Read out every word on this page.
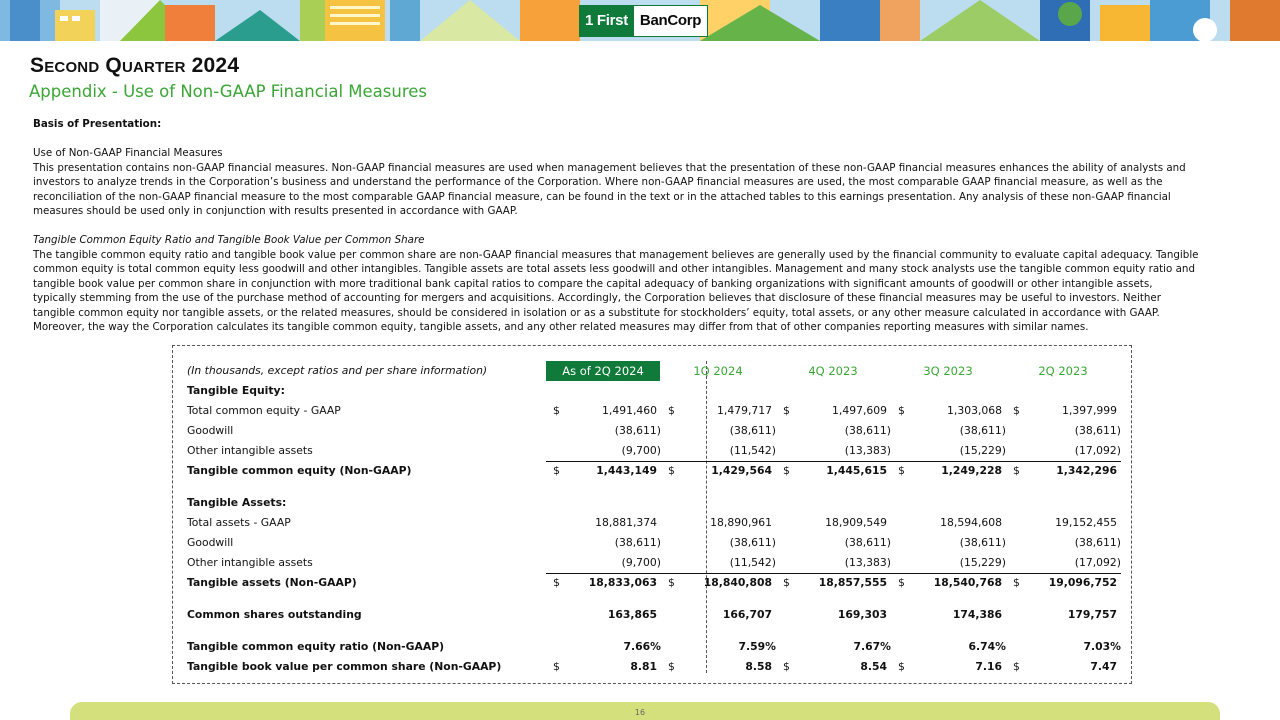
1 First BanCorp
Second Quarter 2024
Appendix - Use of Non-GAAP Financial Measures

Basis of Presentation:

Use of Non-GAAP Financial Measures

This presentation contains non-GAAP financial measures. Non-GAAP financial measures are used when management believes that the presentation of these non-GAAP financial measures enhances the ability of analysts and
investors to analyze trends in the Corporation’s business and understand the performance of the Corporation. Where non-GAAP financial measures are used, the most comparable GAAP financial measure, as well as the
reconciliation of the non-GAAP financial measure to the most comparable GAAP financial measure, can be found in the text or in the attached tables to this earnings presentation. Any analysis of these non-GAAP financial
measures should be used only in conjunction with results presented in accordance with GAAP.

Tangible Common Equity Ratio and Tangible Book Value per Common Share

The tangible common equity ratio and tangible book value per common share are non-GAAP financial measures that management believes are generally used by the financial community to evaluate capital adequacy. Tangible
common equity is total common equity less goodwill and other intangibles. Tangible assets are total assets less goodwill and other intangibles. Management and many stock analysts use the tangible common equity ratio and
tangible book value per common share in conjunction with more traditional bank capital ratios to compare the capital adequacy of banking organizations with significant amounts of goodwill or other intangible assets,
typically stemming from the use of the purchase method of accounting for mergers and acquisitions. Accordingly, the Corporation believes that disclosure of these financial measures may be useful to investors. Neither
tangible common equity nor tangible assets, or the related measures, should be considered in isolation or as a substitute for stockholders’ equity, total assets, or any other measure calculated in accordance with GAAP.
Moreover, the way the Corporation calculates its tangible common equity, tangible assets, and any other related measures may differ from that of other companies reporting measures with similar names.

(In thousands, except ratios and per share information)	As of 2Q 2024	1Q 2024	4Q 2023	3Q 2023	2Q 2023
Tangible Equity:
Total common equity - GAAP	$	1,491,460 $	1,479,717 $	1,497,609 $	1,303,068 $	1,397,999
Goodwill	(38,611)	(38,611)	(38,611)	(38,611)	(38,611)
Other intangible assets	(9,700)	(11,542)	(13,383)	(15,229)	(17,092)
Tangible common equity (Non-GAAP)	$	1,443,149 $	1,429,564 $	1,445,615 $	1,249,228 $	1,342,296
Tangible Assets:
Total assets - GAAP	18,881,374	18,890,961	18,909,549	18,594,608	19,152,455
Goodwill	(38,611)	(38,611)	(38,611)	(38,611)	(38,611)
Other intangible assets	(9,700)	(11,542)	(13,383)	(15,229)	(17,092)
Tangible assets (Non-GAAP)	$	18,833,063 $	18,840,808 $	18,857,555 $	18,540,768 $	19,096,752
Common shares outstanding	163,865	166,707	169,303	174,386	179,757
Tangible common equity ratio (Non-GAAP)	7.66%	7.59%	7.67%	6.74%	7.03%
Tangible book value per common share (Non-GAAP)	$	8.81 $	8.58 $	8.54 $	7.16 $	7.47
16
